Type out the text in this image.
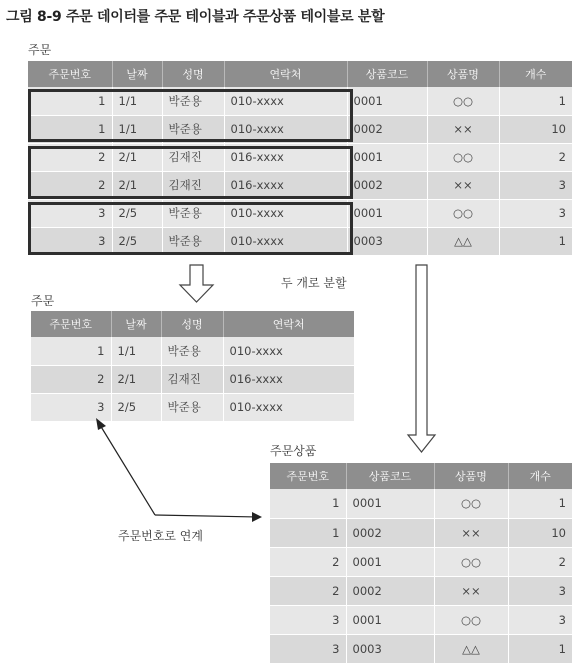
그림 8-9 주문 데이터를 주문 테이블과 주문상품 테이블로 분할
주문
주문번호	날짜	성명	연락처	상품코드	상품명	개수
1	1/1	박준용	010-xxxx	0001	○○	1
1	1/1	박준용	010-xxxx	0002	××	10
2	2/1	김재진	016-xxxx	0001	○○	2
2	2/1	김재진	016-xxxx	0002	××	3
3	2/5	박준용	010-xxxx	0001	○○	3
3	2/5	박준용	010-xxxx	0003	△△	1
두 개로 분할
주문
주문번호	날짜	성명	연락처
1	1/1	박준용	010-xxxx
2	2/1	김재진	016-xxxx
3	2/5	박준용	010-xxxx
주문번호로 연계
주문상품
주문번호	상품코드	상품명	개수
1	0001	○○	1
1	0002	××	10
2	0001	○○	2
2	0002	××	3
3	0001	○○	3
3	0003	△△	1
